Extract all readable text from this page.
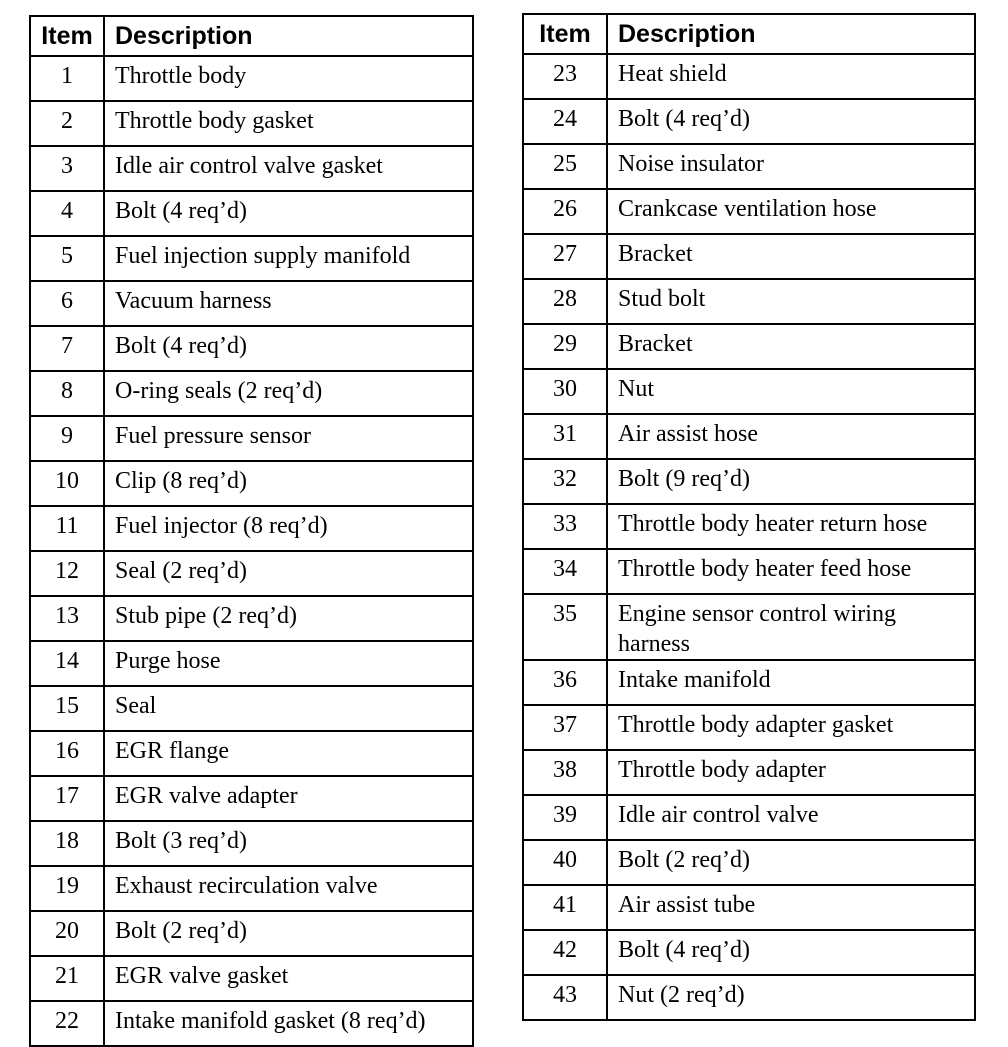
Item	Description
1	Throttle body
2	Throttle body gasket
3	Idle air control valve gasket
4	Bolt (4 req’d)
5	Fuel injection supply manifold
6	Vacuum harness
7	Bolt (4 req’d)
8	O-ring seals (2 req’d)
9	Fuel pressure sensor
10	Clip (8 req’d)
11	Fuel injector (8 req’d)
12	Seal (2 req’d)
13	Stub pipe (2 req’d)
14	Purge hose
15	Seal
16	EGR flange
17	EGR valve adapter
18	Bolt (3 req’d)
19	Exhaust recirculation valve
20	Bolt (2 req’d)
21	EGR valve gasket
22	Intake manifold gasket (8 req’d)
Item	Description
23	Heat shield
24	Bolt (4 req’d)
25	Noise insulator
26	Crankcase ventilation hose
27	Bracket
28	Stud bolt
29	Bracket
30	Nut
31	Air assist hose
32	Bolt (9 req’d)
33	Throttle body heater return hose
34	Throttle body heater feed hose
35	Engine sensor control wiring harness
36	Intake manifold
37	Throttle body adapter gasket
38	Throttle body adapter
39	Idle air control valve
40	Bolt (2 req’d)
41	Air assist tube
42	Bolt (4 req’d)
43	Nut (2 req’d)
